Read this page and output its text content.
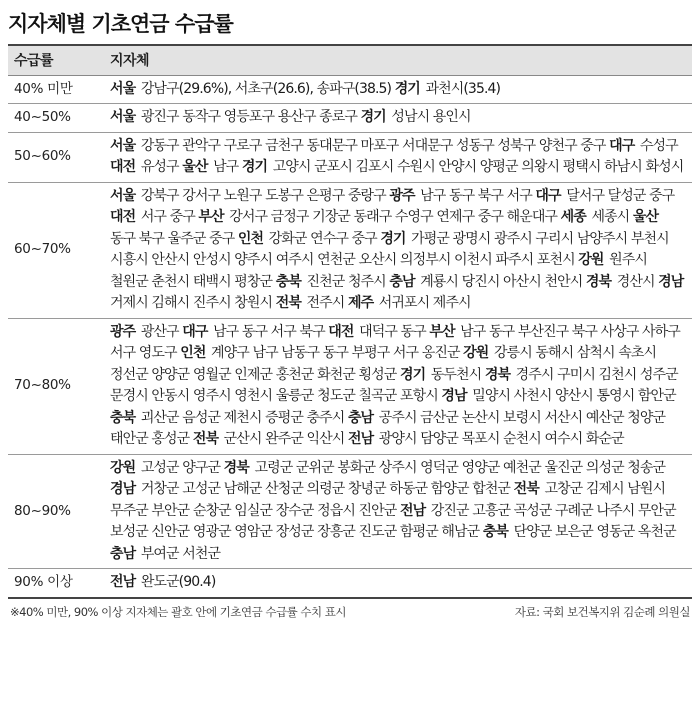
지자체별 기초연금 수급률
수급률	지자체
40% 미만	서울 강남구(29.6%), 서초구(26.6), 송파구(38.5) 경기 과천시(35.4)
40~50%	서울 광진구 동작구 영등포구 용산구 종로구 경기 성남시 용인시
50~60%	서울 강동구 관악구 구로구 금천구 동대문구 마포구 서대문구 성동구 성북구 양천구 중구 대구 수성구 대전 유성구 울산 남구 경기 고양시 군포시 김포시 수원시 안양시 양평군 의왕시 평택시 하남시 화성시
60~70%	서울 강북구 강서구 노원구 도봉구 은평구 중랑구 광주 남구 동구 북구 서구 대구 달서구 달성군 중구 대전 서구 중구 부산 강서구 금정구 기장군 동래구 수영구 연제구 중구 해운대구 세종 세종시 울산 동구 북구 울주군 중구 인천 강화군 연수구 중구 경기 가평군 광명시 광주시 구리시 남양주시 부천시 시흥시 안산시 안성시 양주시 여주시 연천군 오산시 의정부시 이천시 파주시 포천시 강원 원주시 철원군 춘천시 태백시 평창군 충북 진천군 청주시 충남 계룡시 당진시 아산시 천안시 경북 경산시 경남 거제시 김해시 진주시 창원시 전북 전주시 제주 서귀포시 제주시
70~80%	광주 광산구 대구 남구 동구 서구 북구 대전 대덕구 동구 부산 남구 동구 부산진구 북구 사상구 사하구 서구 영도구 인천 계양구 남구 남동구 동구 부평구 서구 옹진군 강원 강릉시 동해시 삼척시 속초시 정선군 양양군 영월군 인제군 홍천군 화천군 횡성군 경기 동두천시 경북 경주시 구미시 김천시 성주군 문경시 안동시 영주시 영천시 울릉군 청도군 칠곡군 포항시 경남 밀양시 사천시 양산시 통영시 함안군 충북 괴산군 음성군 제천시 증평군 충주시 충남 공주시 금산군 논산시 보령시 서산시 예산군 청양군 태안군 홍성군 전북 군산시 완주군 익산시 전남 광양시 담양군 목포시 순천시 여수시 화순군
80~90%	강원 고성군 양구군 경북 고령군 군위군 봉화군 상주시 영덕군 영양군 예천군 울진군 의성군 청송군 경남 거창군 고성군 남해군 산청군 의령군 창녕군 하동군 함양군 합천군 전북 고창군 김제시 남원시 무주군 부안군 순창군 임실군 장수군 정읍시 진안군 전남 강진군 고흥군 곡성군 구례군 나주시 무안군 보성군 신안군 영광군 영암군 장성군 장흥군 진도군 함평군 해남군 충북 단양군 보은군 영동군 옥천군 충남 부여군 서천군
90% 이상	전남 완도군(90.4)
※40% 미만, 90% 이상 지자체는 괄호 안에 기초연금 수급률 수치 표시	자료: 국회 보건복지위 김순례 의원실
